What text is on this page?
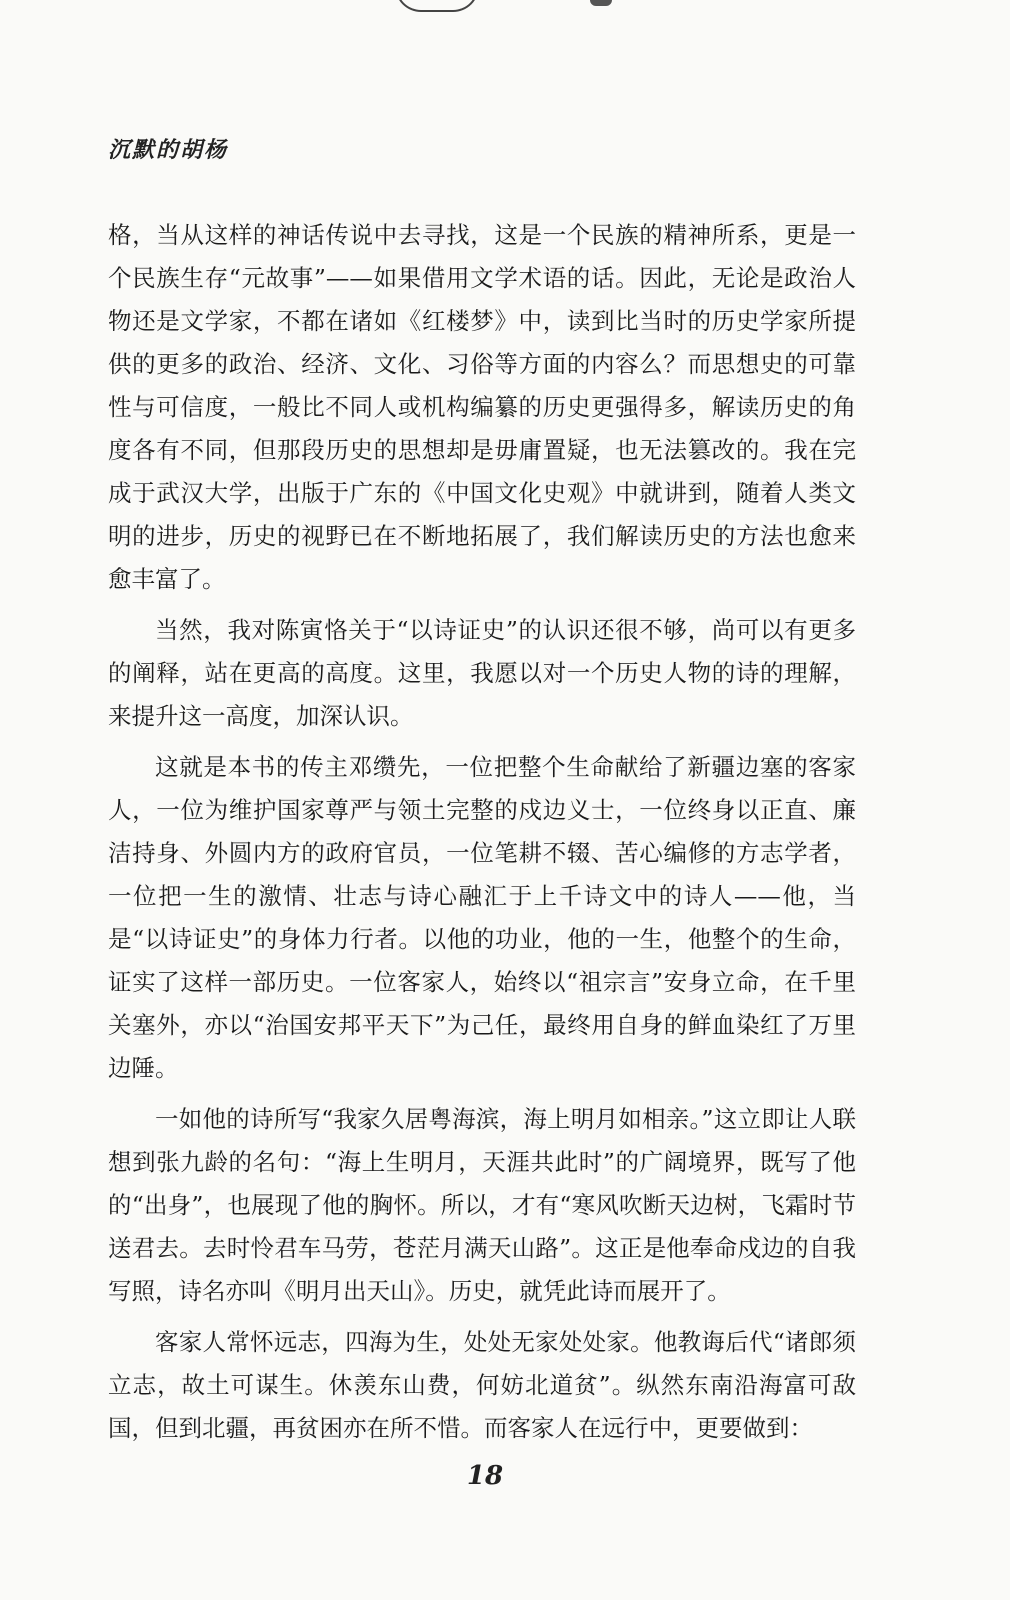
沉默的胡杨

格，当从这样的神话传说中去寻找，这是一个民族的精神所系，更是一个民族生存“元故事”——如果借用文学术语的话。因此，无论是政治人物还是文学家，不都在诸如《红楼梦》中，读到比当时的历史学家所提供的更多的政治、经济、文化、习俗等方面的内容么？而思想史的可靠性与可信度，一般比不同人或机构编纂的历史更强得多，解读历史的角度各有不同，但那段历史的思想却是毋庸置疑，也无法篡改的。我在完成于武汉大学，出版于广东的《中国文化史观》中就讲到，随着人类文明的进步，历史的视野已在不断地拓展了，我们解读历史的方法也愈来愈丰富了。

当然，我对陈寅恪关于“以诗证史”的认识还很不够，尚可以有更多的阐释，站在更高的高度。这里，我愿以对一个历史人物的诗的理解，来提升这一高度，加深认识。

这就是本书的传主邓缵先，一位把整个生命献给了新疆边塞的客家人，一位为维护国家尊严与领土完整的戍边义士，一位终身以正直、廉洁持身、外圆内方的政府官员，一位笔耕不辍、苦心编修的方志学者，一位把一生的激情、壮志与诗心融汇于上千诗文中的诗人——他，当是“以诗证史”的身体力行者。以他的功业，他的一生，他整个的生命，证实了这样一部历史。一位客家人，始终以“祖宗言”安身立命，在千里关塞外，亦以“治国安邦平天下”为己任，最终用自身的鲜血染红了万里边陲。

一如他的诗所写“我家久居粤海滨，海上明月如相亲。”这立即让人联想到张九龄的名句：“海上生明月，天涯共此时”的广阔境界，既写了他的“出身”，也展现了他的胸怀。所以，才有“寒风吹断天边树，飞霜时节送君去。去时怜君车马劳，苍茫月满天山路”。这正是他奉命戍边的自我写照，诗名亦叫《明月出天山》。历史，就凭此诗而展开了。

客家人常怀远志，四海为生，处处无家处处家。他教诲后代“诸郎须立志，故土可谋生。休羡东山费，何妨北道贫”。纵然东南沿海富可敌国，但到北疆，再贫困亦在所不惜。而客家人在远行中，更要做到：

18
